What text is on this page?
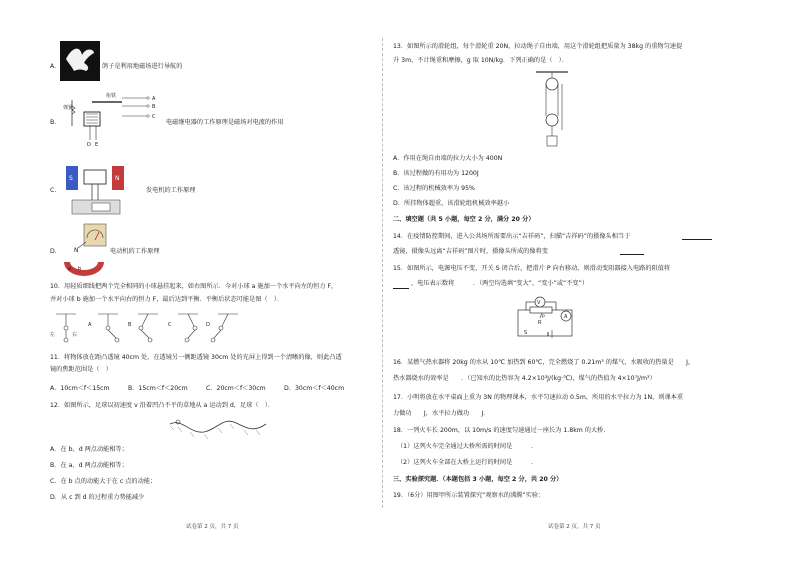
A.	鸽子是利用地磁场进行导航的
B.
衔铁
弹簧
A
B
C
D E
电磁继电器的工作原理是磁场对电流的作用
C.
S	N
发电机的工作原理
D.	N
a b
电动机的工作原理
10．用轻质细线把两个完全相同的小球悬挂起来，如右图所示．今对小球 a 施加一个水平向左的恒力 F，
并对小球 b 施加一个水平向右的恒力 F，最后达到平衡．平衡后状态可能是图（　）．
左	右
A	B	C	D
11．将物体放在距凸透镜 40cm 处，在透镜另一侧距透镜 30cm 处的光屏上得到一个清晰的像，则此凸透
镜的焦距范围是（　）
A．10cm＜f＜15cm	B．15cm＜f＜20cm	C．20cm＜f＜30cm	D．30cm＜f＜40cm
12．如图所示，足球以初速度 v 沿着凹凸不平的草地从 a 运动到 d，足球（　）．
A．在 b、d 两点动能相等；
B．在 a、d 两点动能相等；
C．在 b 点的动能大于在 c 点的动能；
D．从 c 到 d 的过程重力势能减少
13．如图所示的滑轮组，每个滑轮重 20N，拉动绳子自由端，用这个滑轮组把质量为 38kg 的重物匀速提
升 3m，不计绳重和摩擦，g 取 10N/kg．下列正确的是（　）．
A．作用在绳自由端的拉力大小为 400N
B．该过程做的有用功为 1200J
C．该过程的机械效率为 95%
D．所挂物体超重，该滑轮组机械效率越小
二、填空题（共 5 小题，每空 2 分，满分 20 分）
14．在疫情防控期间，进入公共场所需要出示“吉祥码”，扫描“吉祥码”的摄像头相当于
透镜，摄像头远离“吉祥码”图片时，摄像头所成的像将变
15．如图所示，电源电压不变，开关 S 闭合后，把滑片 P 向右移动，则滑动变阻器接入电路的阻值将
，电压表示数将　　　．（两空均选填“变大”、“变小”或“不变”）
V
A
R
P
S
16．某燃气热水器将 20kg 的水从 10℃ 加热到 60℃，完全燃烧了 0.21m³ 的煤气，水吸收的热量是　　J，
热水器烧水的效率是　　．（已知水的比热容为 4.2×10³J/(kg·℃)，煤气的热值为 4×10⁷J/m³）
17．小明将放在水平桌面上重为 3N 的物理课本，水平匀速拉动 0.5m，所用的水平拉力为 1N，则课本重
力做功　　J，水平拉力做功　　J．
18．一列火车长 200m，以 10m/s 的速度匀速通过一座长为 1.8km 的大桥．
（1）这列火车完全通过大桥所需的时间是　　　．
（2）这列火车全部在大桥上运行的时间是　　　．
三、实验探究题．（本题包括 3 小题，每空 2 分，共 20 分）
19．（6分）用图甲所示装置探究“观察水的沸腾”实验：
试卷第 2 页，共 7 页	试卷第 2 页，共 7 页
